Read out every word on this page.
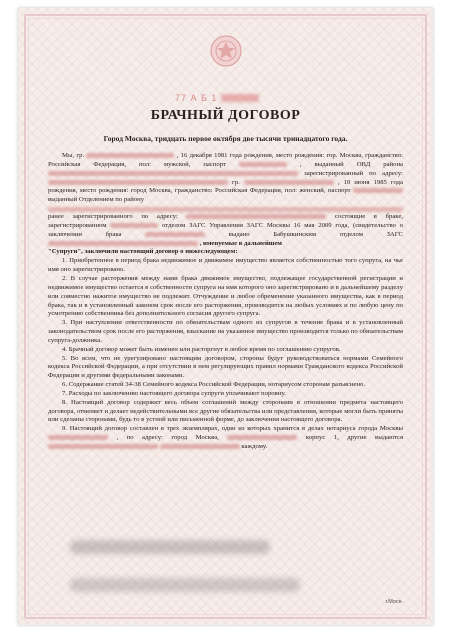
77 А Б 1
БРАЧНЫЙ ДОГОВОР
Город Москва, тридцать первое октября две тысячи тринадцатого года.

Мы, гр.	, 16 декабря 1981 года рождения, место рождения: гор. Москва, гражданство: Российская Федерация, пол: мужской, паспорт	, выданный ОВД района  зарегистрированный по адресу:  гр.	, 10 июня 1985 года рождения, место рождения: город Москва, гражданство: Российская Федерация, пол: женский, паспорт  выданный Отделением по району
ранее зарегистрированного по адресу:	состоящие в браке, зарегистрированном	отделом ЗАГС Управления ЗАГС Москвы 16 мая 2009 года, (свидетельство о заключении брака	выдано Бабушкинским отделом ЗАГС  , именуемые в дальнейшем

"Супруги", заключили настоящий договор о нижеследующем:

1. Приобретенное в период брака недвижимое и движимое имущество является собственностью того супруга, на чье имя оно зарегистрировано.

2. В случае расторжения между нами брака движимое имущество, подлежащее государственной регистрации и недвижимое имущество остается в собственности супруга на имя которого оно зарегистрировано и в дальнейшему разделу или совместно нажитое имущество не подлежит. Отчуждение и любое обременение указанного имущества, как в период брака, так и в установленный законом срок после его расторжения, производится на любых условиях и по любую цену по усмотрению собственника без дополнительного согласия другого супруга.

3. При наступлении ответственности по обязательствам одного из супругов в течение брака и в установленный законодательством срок после его расторжения, взыскание на указанное имущество производится только по обязательствам супруга-должника.

4. Брачный договор может быть изменен или расторгнут в любое время по соглашению супругов.

5. Во всем, что не урегулировано настоящим договором, стороны будут руководствоваться нормами Семейного кодекса Российской Федерации, а при отсутствии в нем регулирующих правил нормами Гражданского кодекса Российской Федерации и другими федеральными законами.

6. Содержание статей 34-38 Семейного кодекса Российской Федерации, нотариусом сторонам разъяснено.

7. Расходы по заключению настоящего договора супруги уплачивают поровну.

8. Настоящий договор содержит весь объем соглашений между сторонами в отношении предмета настоящего договора, отменяет и делает недействительными все другие обязательства или представления, которые могли быть приняты или сделаны сторонами, будь то в устной или письменной форме, до заключения настоящего договора.

9. Настоящий договор составлен в трех экземплярах, один из которых хранится в делах нотариуса города Москвы  , по адресу: город Москва,	корпус 1, другие выдаются   каждому.

г.Моск-
